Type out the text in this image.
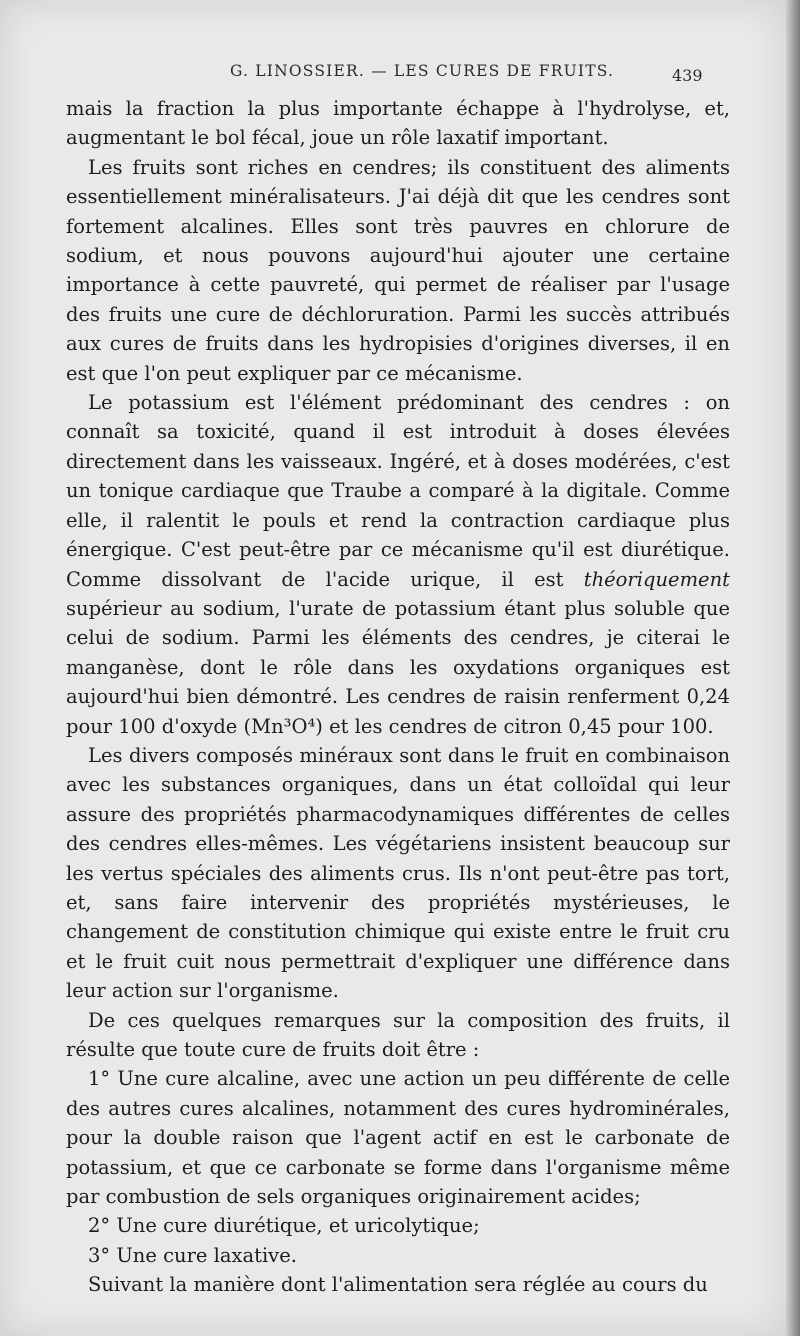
G. LINOSSIER. — LES CURES DE FRUITS.	439

mais la fraction la plus importante échappe à l'hydrolyse, et, augmentant le bol fécal, joue un rôle laxatif important.

Les fruits sont riches en cendres; ils constituent des aliments essentiellement minéralisateurs. J'ai déjà dit que les cendres sont fortement alcalines. Elles sont très pauvres en chlorure de sodium, et nous pouvons aujourd'hui ajouter une certaine importance à cette pauvreté, qui permet de réaliser par l'usage des fruits une cure de déchloruration. Parmi les succès attribués aux cures de fruits dans les hydropisies d'origines diverses, il en est que l'on peut expliquer par ce mécanisme.

Le potassium est l'élément prédominant des cendres : on connaît sa toxicité, quand il est introduit à doses élevées directement dans les vaisseaux. Ingéré, et à doses modérées, c'est un tonique cardiaque que Traube a comparé à la digitale. Comme elle, il ralentit le pouls et rend la contraction cardiaque plus énergique. C'est peut-être par ce mécanisme qu'il est diurétique. Comme dissolvant de l'acide urique, il est théoriquement supérieur au sodium, l'urate de potassium étant plus soluble que celui de sodium. Parmi les éléments des cendres, je citerai le manganèse, dont le rôle dans les oxydations organiques est aujourd'hui bien démontré. Les cendres de raisin renferment 0,24 pour 100 d'oxyde (Mn³O⁴) et les cendres de citron 0,45 pour 100.

Les divers composés minéraux sont dans le fruit en combinaison avec les substances organiques, dans un état colloïdal qui leur assure des propriétés pharmacodynamiques différentes de celles des cendres elles-mêmes. Les végétariens insistent beaucoup sur les vertus spéciales des aliments crus. Ils n'ont peut-être pas tort, et, sans faire intervenir des propriétés mystérieuses, le changement de constitution chimique qui existe entre le fruit cru et le fruit cuit nous permettrait d'expliquer une différence dans leur action sur l'organisme.

De ces quelques remarques sur la composition des fruits, il résulte que toute cure de fruits doit être :

1° Une cure alcaline, avec une action un peu différente de celle des autres cures alcalines, notamment des cures hydrominérales, pour la double raison que l'agent actif en est le carbonate de potassium, et que ce carbonate se forme dans l'organisme même par combustion de sels organiques originairement acides;

2° Une cure diurétique, et uricolytique;

3° Une cure laxative.

Suivant la manière dont l'alimentation sera réglée au cours du
